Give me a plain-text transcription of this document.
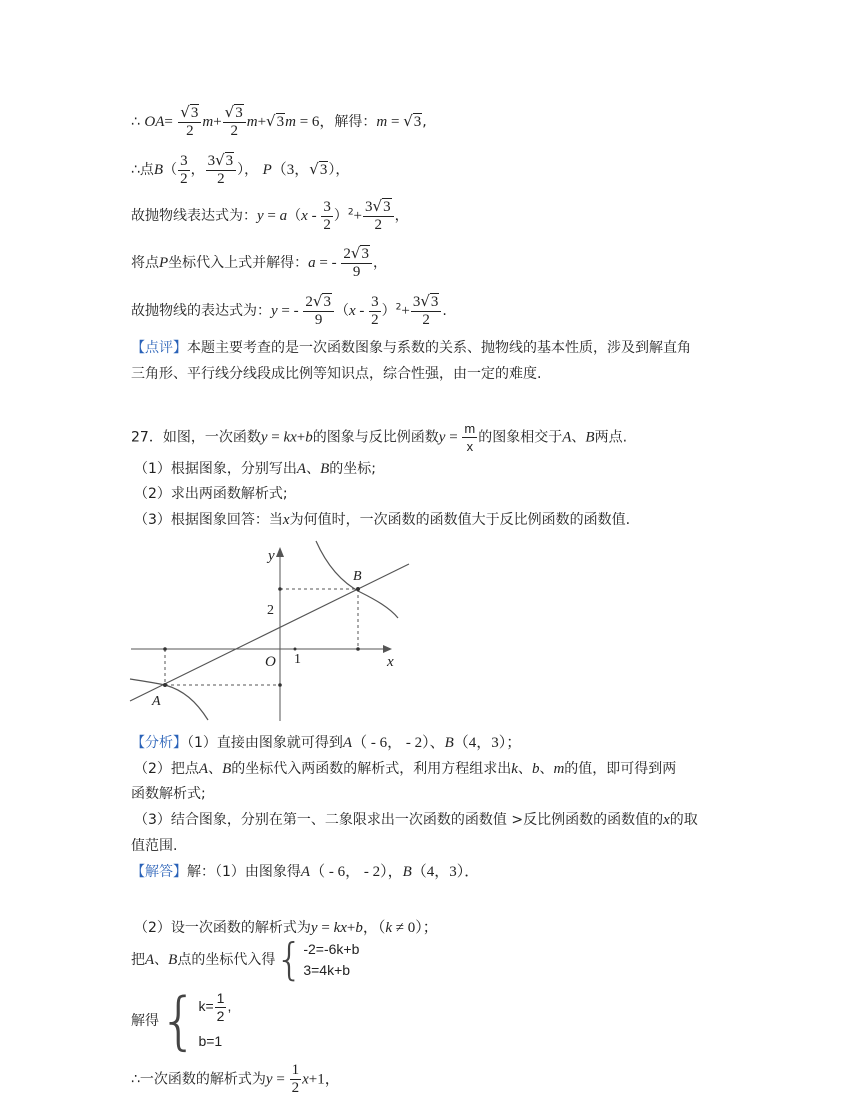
∴ $OA= \frac{√3}{2} m+ \frac{√3}{2} m+√3m = 6$，解得：m = √3,
∴点$B( \frac{3}{2}$ ， $\frac{3√3}{2}$ ）， P（3，√3），
故抛物线表达式为：$y = a(x - \frac{3}{2} )^2+ \frac{3√3}{2}$ ，
将点P坐标代入上式并解得：a = - $\frac{2√3}{9}$ ，
故抛物线的表达式为：y = - $\frac{2√3}{9} (x - \frac{3}{2} )^2+ \frac{3√3}{2}$ .
【点评】本题主要考查的是一次函数图象与系数的关系、抛物线的基本性质，涉及到解直角
三角形、平行线分线段成比例等知识点，综合性强，由一定的难度.
27．如图，一次函数y = kx+b的图象与反比例函数$y = \frac{m}{x}$ 的图象相交于A、B两点.
（1）根据图象，分别写出A、B的坐标;
（2）求出两函数解析式;
（3）根据图象回答：当x为何值时，一次函数的函数值大于反比例函数的函数值.
y
x
O 1
2
A
B
【分析】（1）直接由图象就可得到A（ - 6， - 2）、B（4，3）；
（2）把点A、B的坐标代入两函数的解析式，利用方程组求出k、b、m的值，即可得到两
函数解析式;
（3）结合图象，分别在第一、二象限求出一次函数的函数值 >反比例函数的函数值的x的取
值范围.
【解答】解：（1）由图象得A（ - 6， - 2），B（4，3）．
（2）设一次函数的解析式为y = kx+b，（k ≠ 0）；
把A、B点的坐标代入得{ -2=-6k+b
3=4k+b
解得{ $k= \frac{1}{2}$ ,
b=1
∴一次函数的解析式为$y = \frac{1}{2} x+1$，
